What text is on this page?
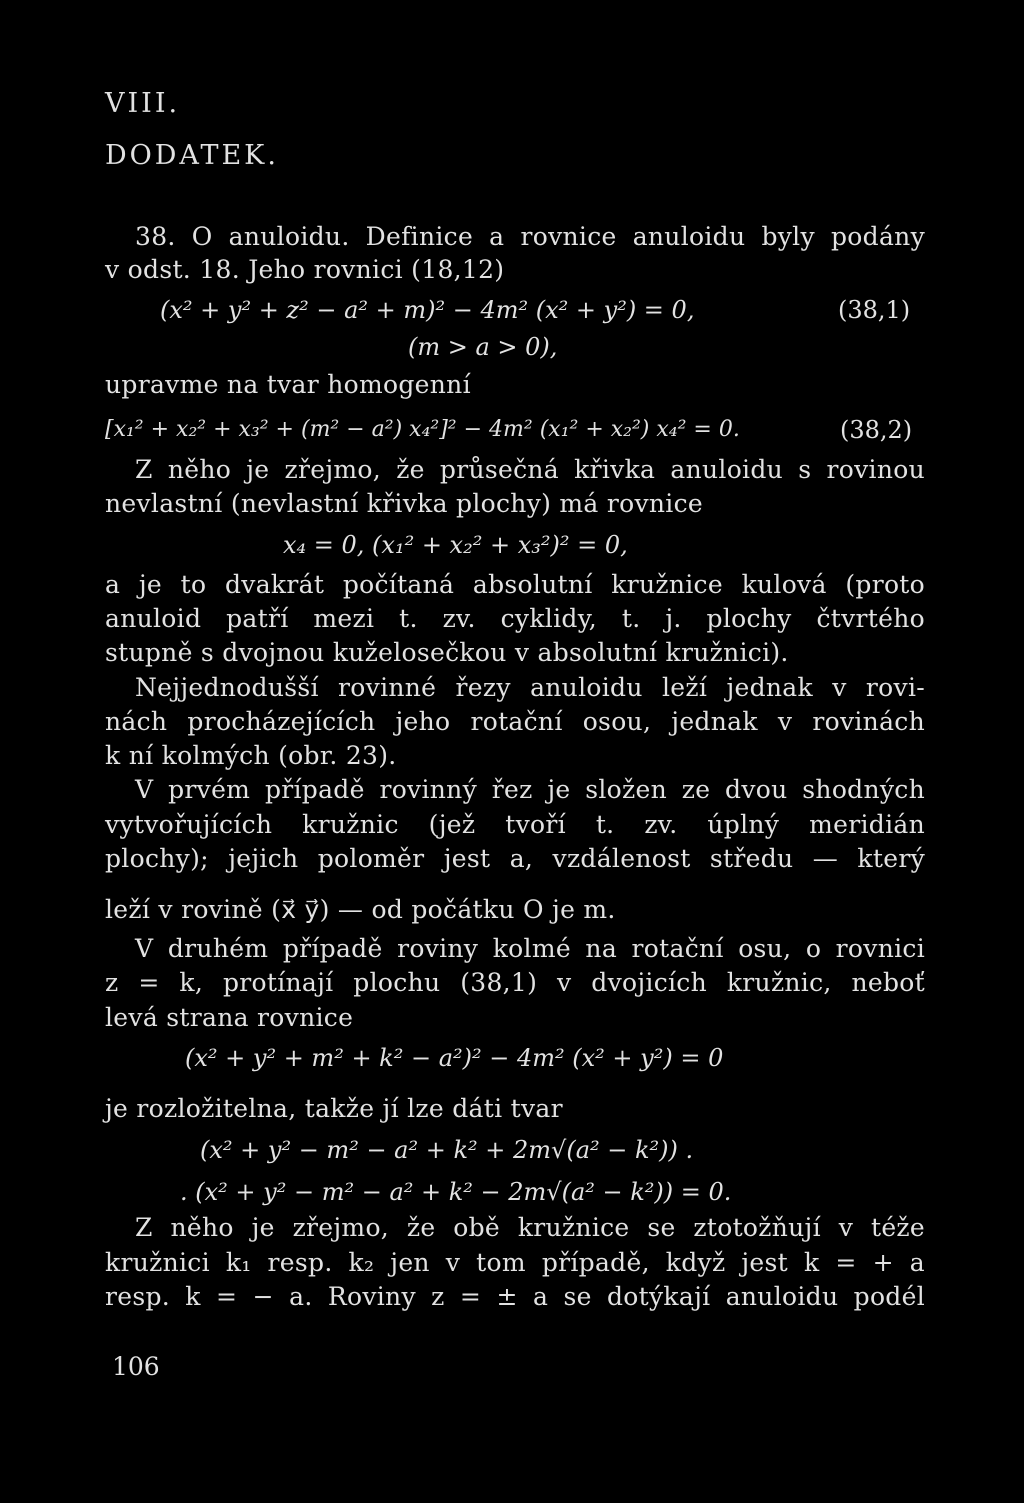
VIII.
DODATEK.
38. O anuloidu. Definice a rovnice anuloidu byly podány
v odst. 18. Jeho rovnici (18,12)
(x² + y² + z² − a² + m)² − 4m² (x² + y²) = 0,	(38,1)
(m > a > 0),
upravme na tvar homogenní
[x₁² + x₂² + x₃² + (m² − a²) x₄²]² − 4m² (x₁² + x₂²) x₄² = 0.	(38,2)
Z něho je zřejmo, že průsečná křivka anuloidu s rovinou
nevlastní (nevlastní křivka plochy) má rovnice
x₄ = 0, (x₁² + x₂² + x₃²)² = 0,
a je to dvakrát počítaná absolutní kružnice kulová (proto
anuloid patří mezi t. zv. cyklidy, t. j. plochy čtvrtého
stupně s dvojnou kuželosečkou v absolutní kružnici).
Nejjednodušší rovinné řezy anuloidu leží jednak v rovi-
nách procházejících jeho rotační osou, jednak v rovinách
k ní kolmých (obr. 23).
V prvém případě rovinný řez je složen ze dvou shodných
vytvořujících kružnic (jež tvoří t. zv. úplný meridián
plochy); jejich poloměr jest a, vzdálenost středu — který
leží v rovině (x⃗ y⃗) — od počátku O je m.
V druhém případě roviny kolmé na rotační osu, o rovnici
z = k, protínají plochu (38,1) v dvojicích kružnic, neboť
levá strana rovnice
(x² + y² + m² + k² − a²)² − 4m² (x² + y²) = 0
je rozložitelna, takže jí lze dáti tvar
(x² + y² − m² − a² + k² + 2m√(a² − k²)) .
. (x² + y² − m² − a² + k² − 2m√(a² − k²)) = 0.
Z něho je zřejmo, že obě kružnice se ztotožňují v téže
kružnici k₁ resp. k₂ jen v tom případě, když jest k = + a
resp. k = − a. Roviny z = ± a se dotýkají anuloidu podél
106
